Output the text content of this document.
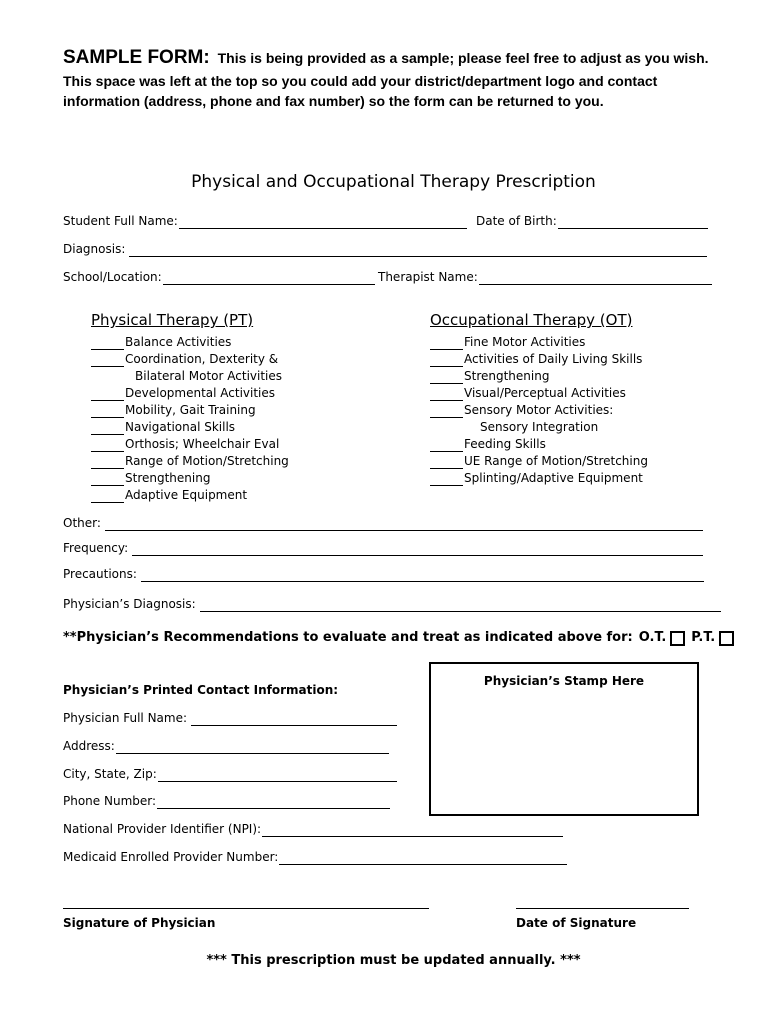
SAMPLE FORM: This is being provided as a sample; please feel free to adjust as you wish.
This space was left at the top so you could add your district/department logo and contact
information (address, phone and fax number) so the form can be returned to you.
Physical and Occupational Therapy Prescription
Student Full Name:	Date of Birth:
Diagnosis:
School/Location:	Therapist Name:
Physical Therapy (PT)
Balance Activities
Coordination, Dexterity &
Bilateral Motor Activities
Developmental Activities
Mobility, Gait Training
Navigational Skills
Orthosis; Wheelchair Eval
Range of Motion/Stretching
Strengthening
Adaptive Equipment
Occupational Therapy (OT)
Fine Motor Activities
Activities of Daily Living Skills
Strengthening
Visual/Perceptual Activities
Sensory Motor Activities:
Sensory Integration
Feeding Skills
UE Range of Motion/Stretching
Splinting/Adaptive Equipment
Other:
Frequency:
Precautions:
Physician’s Diagnosis:
**Physician’s Recommendations to evaluate and treat as indicated above for: O.T. P.T.
Physician’s Stamp Here
Physician’s Printed Contact Information:
Physician Full Name:
Address:
City, State, Zip:
Phone Number:
National Provider Identifier (NPI):
Medicaid Enrolled Provider Number:
Signature of Physician	Date of Signature
*** This prescription must be updated annually. ***
